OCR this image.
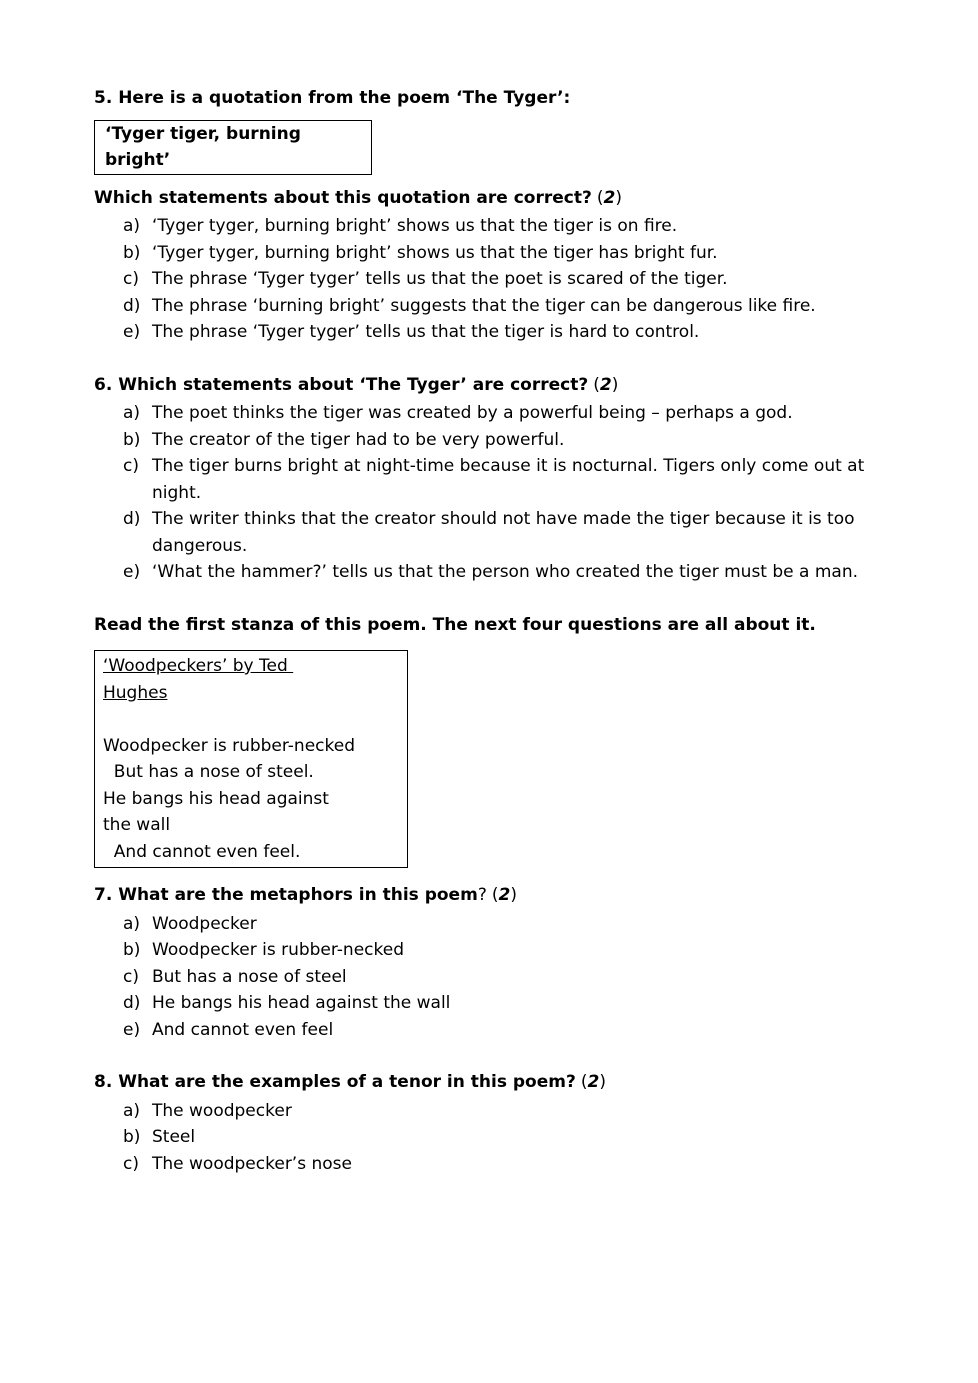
5. Here is a quotation from the poem ‘The Tyger’:
‘Tyger tiger, burning
bright’
Which statements about this quotation are correct? (2)
a) ‘Tyger tyger, burning bright’ shows us that the tiger is on fire.
b) ‘Tyger tyger, burning bright’ shows us that the tiger has bright fur.
c) The phrase ‘Tyger tyger’ tells us that the poet is scared of the tiger.
d) The phrase ‘burning bright’ suggests that the tiger can be dangerous like fire.
e) The phrase ‘Tyger tyger’ tells us that the tiger is hard to control.
6. Which statements about ‘The Tyger’ are correct? (2)
a) The poet thinks the tiger was created by a powerful being – perhaps a god.
b) The creator of the tiger had to be very powerful.
c) The tiger burns bright at night-time because it is nocturnal. Tigers only come out at night.
d) The writer thinks that the creator should not have made the tiger because it is too dangerous.
e) ‘What the hammer?’ tells us that the person who created the tiger must be a man.
Read the first stanza of this poem. The next four questions are all about it.
‘Woodpeckers’ by Ted
Hughes
Woodpecker is rubber-necked
But has a nose of steel.
He bangs his head against
the wall
And cannot even feel.
7. What are the metaphors in this poem? (2)
a) Woodpecker
b) Woodpecker is rubber-necked
c) But has a nose of steel
d) He bangs his head against the wall
e) And cannot even feel
8. What are the examples of a tenor in this poem? (2)
a) The woodpecker
b) Steel
c) The woodpecker’s nose
